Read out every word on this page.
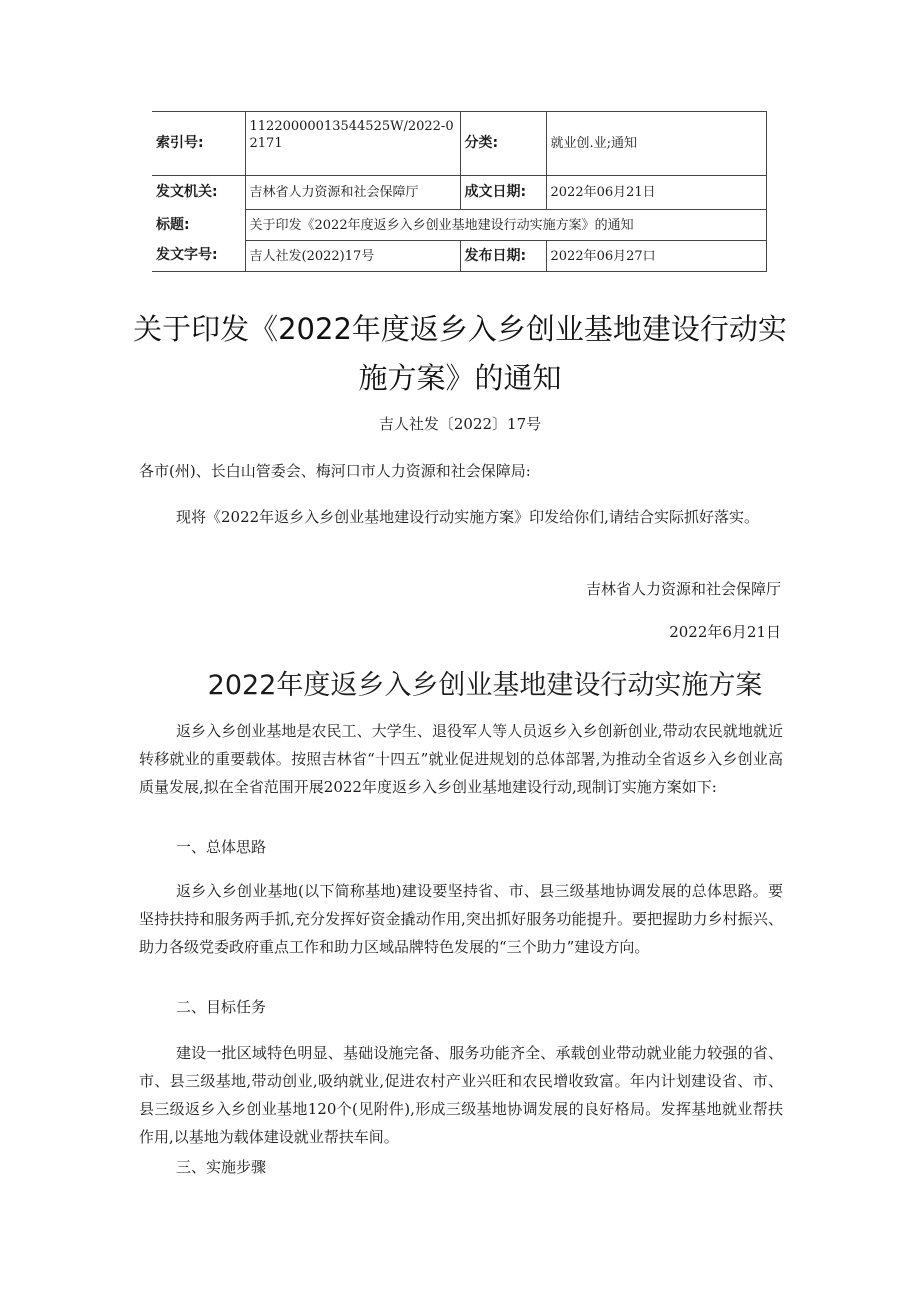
索引号:	11220000013544525W/2022-02171	分类:	就业创.业;通知
发文机关:	吉林省人力资源和社会保障厅	成文日期:	2022年06月21日
标题:	关于印发《2022年度返乡入乡创业基地建设行动实施方案》的通知		
发文字号:	吉人社发(2022)17号	发布日期:	2022年06月27口
关于印发《2022年度返乡入乡创业基地建设行动实
施方案》的通知
吉人社发〔2022〕17号
各市(州)、长白山管委会、梅河口市人力资源和社会保障局:
现将《2022年返乡入乡创业基地建设行动实施方案》印发给你们,请结合实际抓好落实。
吉林省人力资源和社会保障厅
2022年6月21日
2022年度返乡入乡创业基地建设行动实施方案
返乡入乡创业基地是农民工、大学生、退役军人等人员返乡入乡创新创业,带动农民就地就近转移就业的重要载体。按照吉林省“十四五”就业促进规划的总体部署,为推动全省返乡入乡创业高质量发展,拟在全省范围开展2022年度返乡入乡创业基地建设行动,现制订实施方案如下:
一、总体思路
返乡入乡创业基地(以下简称基地)建设要坚持省、市、县三级基地协调发展的总体思路。要坚持扶持和服务两手抓,充分发挥好资金撬动作用,突出抓好服务功能提升。要把握助力乡村振兴、助力各级党委政府重点工作和助力区域品牌特色发展的“三个助力”建设方向。
二、目标任务
建设一批区域特色明显、基础设施完备、服务功能齐全、承载创业带动就业能力较强的省、市、县三级基地,带动创业,吸纳就业,促进农村产业兴旺和农民增收致富。年内计划建设省、市、县三级返乡入乡创业基地120个(见附件),形成三级基地协调发展的良好格局。发挥基地就业帮扶作用,以基地为载体建设就业帮扶车间。
三、实施步骤
